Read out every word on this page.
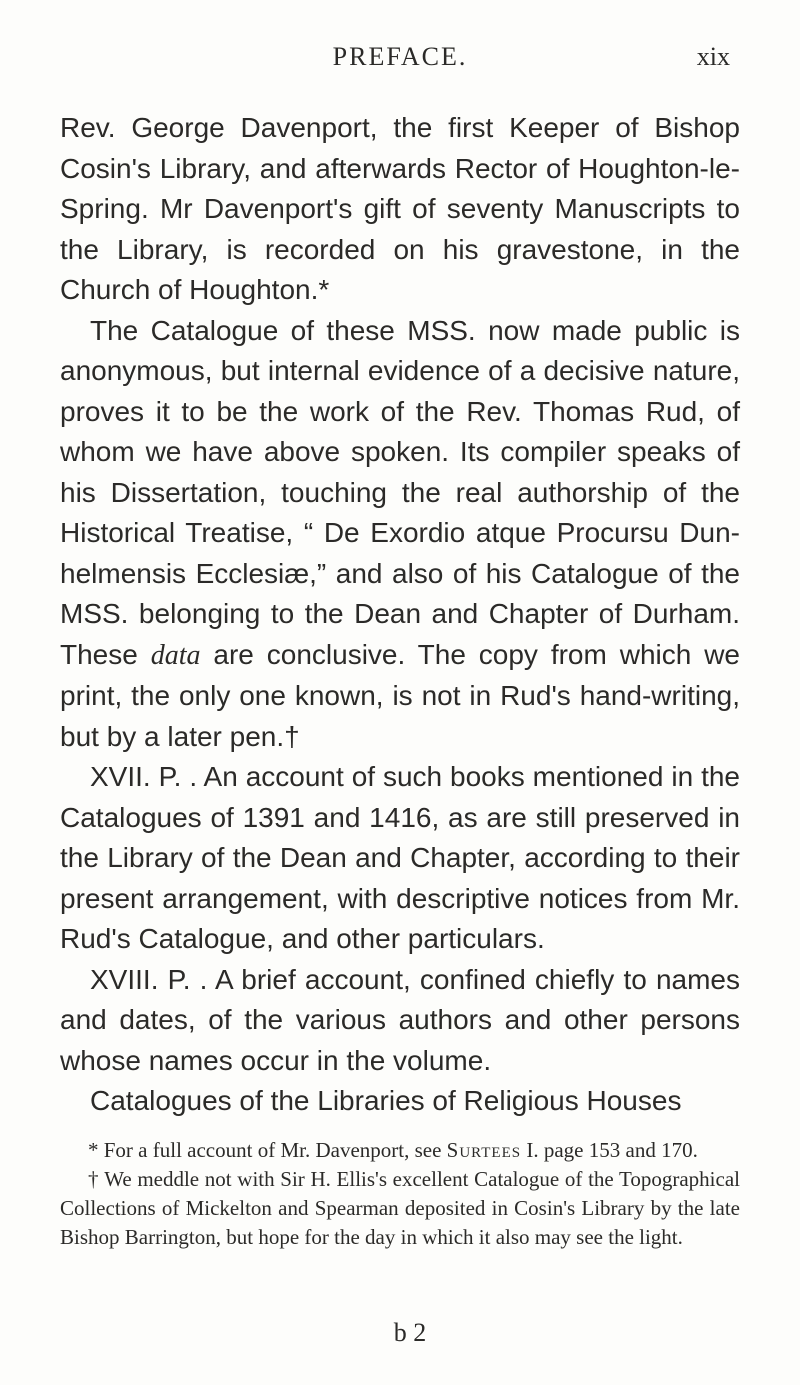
PREFACE.	xix

Rev. George Davenport, the first Keeper of Bishop Cosin's Library, and afterwards Rector of Houghton-le-Spring. Mr Davenport's gift of seventy Manuscripts to the Library, is recorded on his gravestone, in the Church of Houghton.*

The Catalogue of these MSS. now made public is anonymous, but internal evidence of a decisive nature, proves it to be the work of the Rev. Thomas Rud, of whom we have above spoken. Its compiler speaks of his Dissertation, touching the real authorship of the Historical Treatise, “ De Exordio atque Procursu Dun-helmensis Ecclesiæ,” and also of his Catalogue of the MSS. belonging to the Dean and Chapter of Durham. These data are conclusive. The copy from which we print, the only one known, is not in Rud's hand-writing, but by a later pen.†

XVII. P. . An account of such books mentioned in the Catalogues of 1391 and 1416, as are still preserved in the Library of the Dean and Chapter, according to their present arrangement, with descriptive notices from Mr. Rud's Catalogue, and other particulars.

XVIII. P. . A brief account, confined chiefly to names and dates, of the various authors and other persons whose names occur in the volume.

Catalogues of the Libraries of Religious Houses

* For a full account of Mr. Davenport, see Surtees I. page 153 and 170.

† We meddle not with Sir H. Ellis's excellent Catalogue of the Topographical Collections of Mickelton and Spearman deposited in Cosin's Library by the late Bishop Barrington, but hope for the day in which it also may see the light.

b 2
